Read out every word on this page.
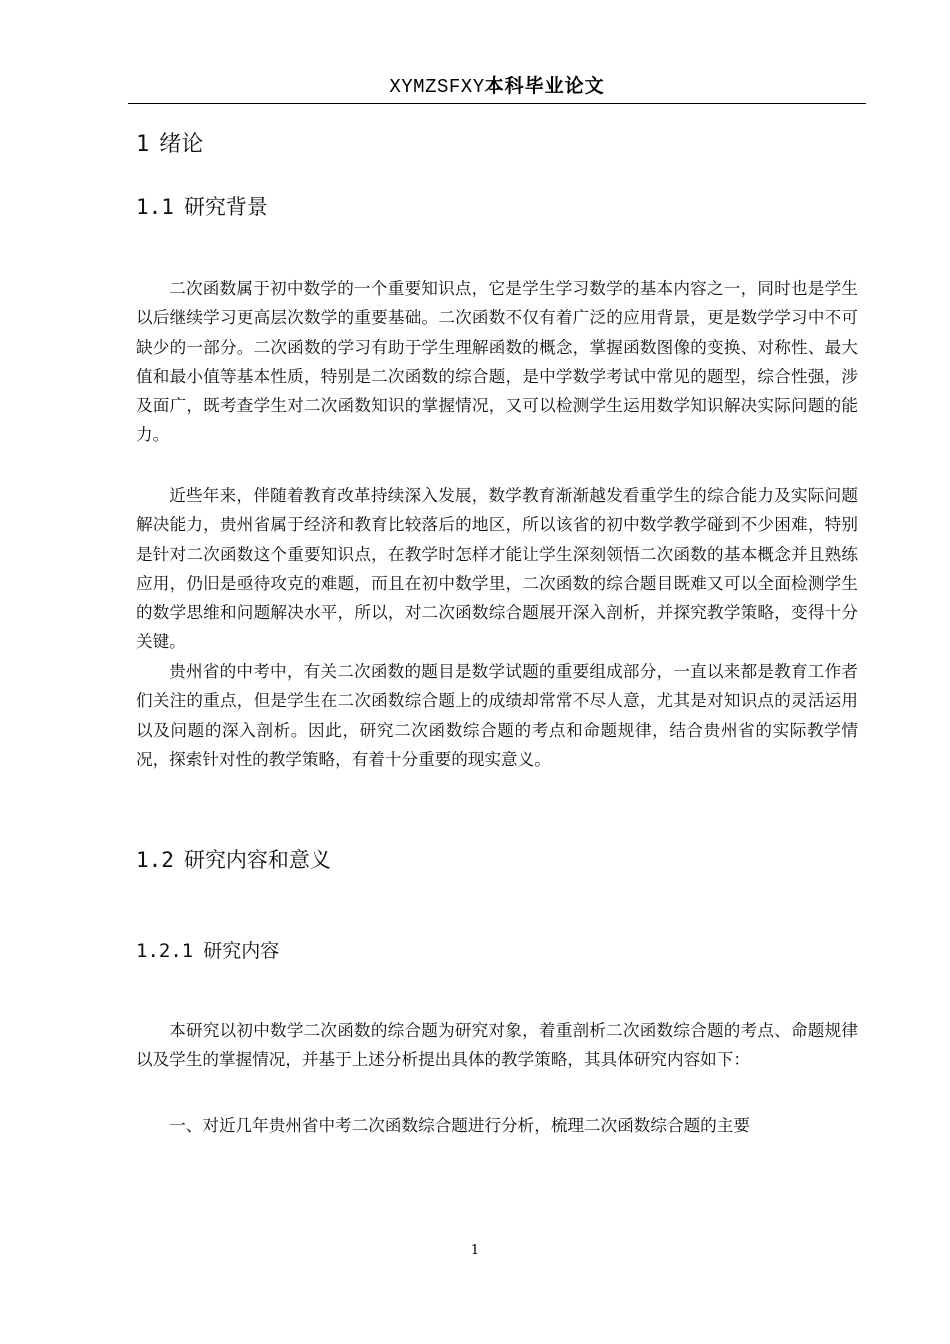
XYMZSFXY本科毕业论文
1 绪论
1.1 研究背景

二次函数属于初中数学的一个重要知识点，它是学生学习数学的基本内容之一，同时也是学生以后继续学习更高层次数学的重要基础。二次函数不仅有着广泛的应用背景，更是数学学习中不可缺少的一部分。二次函数的学习有助于学生理解函数的概念，掌握函数图像的变换、对称性、最大值和最小值等基本性质，特别是二次函数的综合题，是中学数学考试中常见的题型，综合性强，涉及面广，既考查学生对二次函数知识的掌握情况，又可以检测学生运用数学知识解决实际问题的能力。

近些年来，伴随着教育改革持续深入发展，数学教育渐渐越发看重学生的综合能力及实际问题解决能力，贵州省属于经济和教育比较落后的地区，所以该省的初中数学教学碰到不少困难，特别是针对二次函数这个重要知识点，在教学时怎样才能让学生深刻领悟二次函数的基本概念并且熟练应用，仍旧是亟待攻克的难题，而且在初中数学里，二次函数的综合题目既难又可以全面检测学生的数学思维和问题解决水平，所以，对二次函数综合题展开深入剖析，并探究教学策略，变得十分关键。

贵州省的中考中，有关二次函数的题目是数学试题的重要组成部分，一直以来都是教育工作者们关注的重点，但是学生在二次函数综合题上的成绩却常常不尽人意，尤其是对知识点的灵活运用以及问题的深入剖析。因此，研究二次函数综合题的考点和命题规律，结合贵州省的实际教学情况，探索针对性的教学策略，有着十分重要的现实意义。

1.2 研究内容和意义
1.2.1 研究内容

本研究以初中数学二次函数的综合题为研究对象，着重剖析二次函数综合题的考点、命题规律以及学生的掌握情况，并基于上述分析提出具体的教学策略，其具体研究内容如下：

一、对近几年贵州省中考二次函数综合题进行分析，梳理二次函数综合题的主要

1
